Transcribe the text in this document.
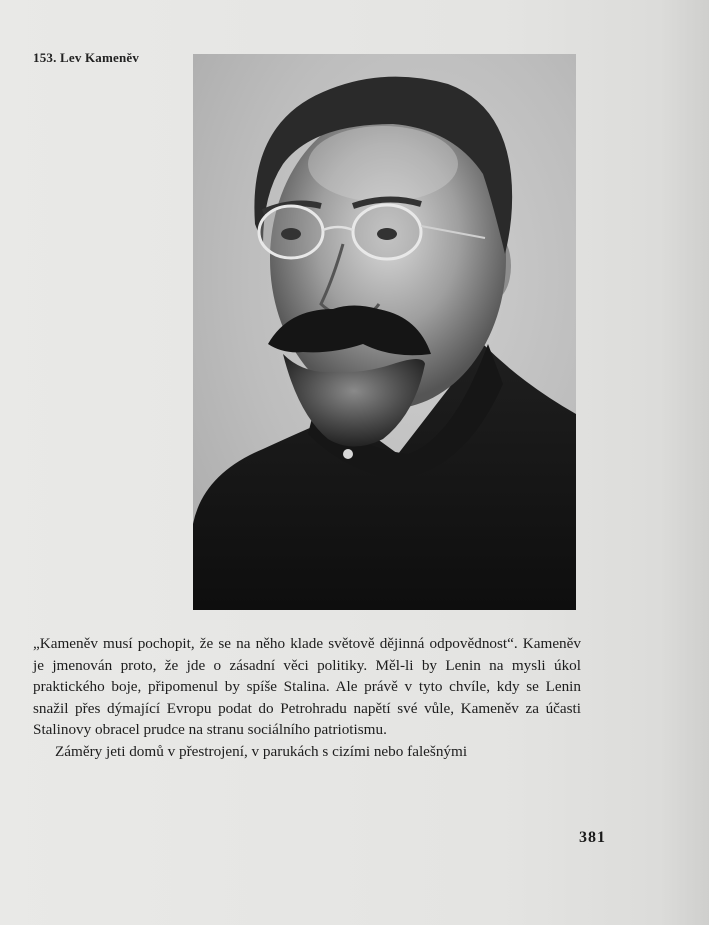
153. Lev Kameněv

„Kameněv musí pochopit, že se na něho klade světově dějinná odpovědnost“. Kameněv je jmenován proto, že jde o zásadní věci politiky. Měl-li by Lenin na mysli úkol praktického boje, připomenul by spíše Stalina. Ale právě v tyto chvíle, kdy se Lenin snažil přes dýmající Evropu podat do Petrohradu napětí své vůle, Kameněv za účasti Stalinovy obracel prudce na stranu sociálního patriotismu.

Záměry jeti domů v přestrojení, v parukách s cizími nebo falešnými

381
